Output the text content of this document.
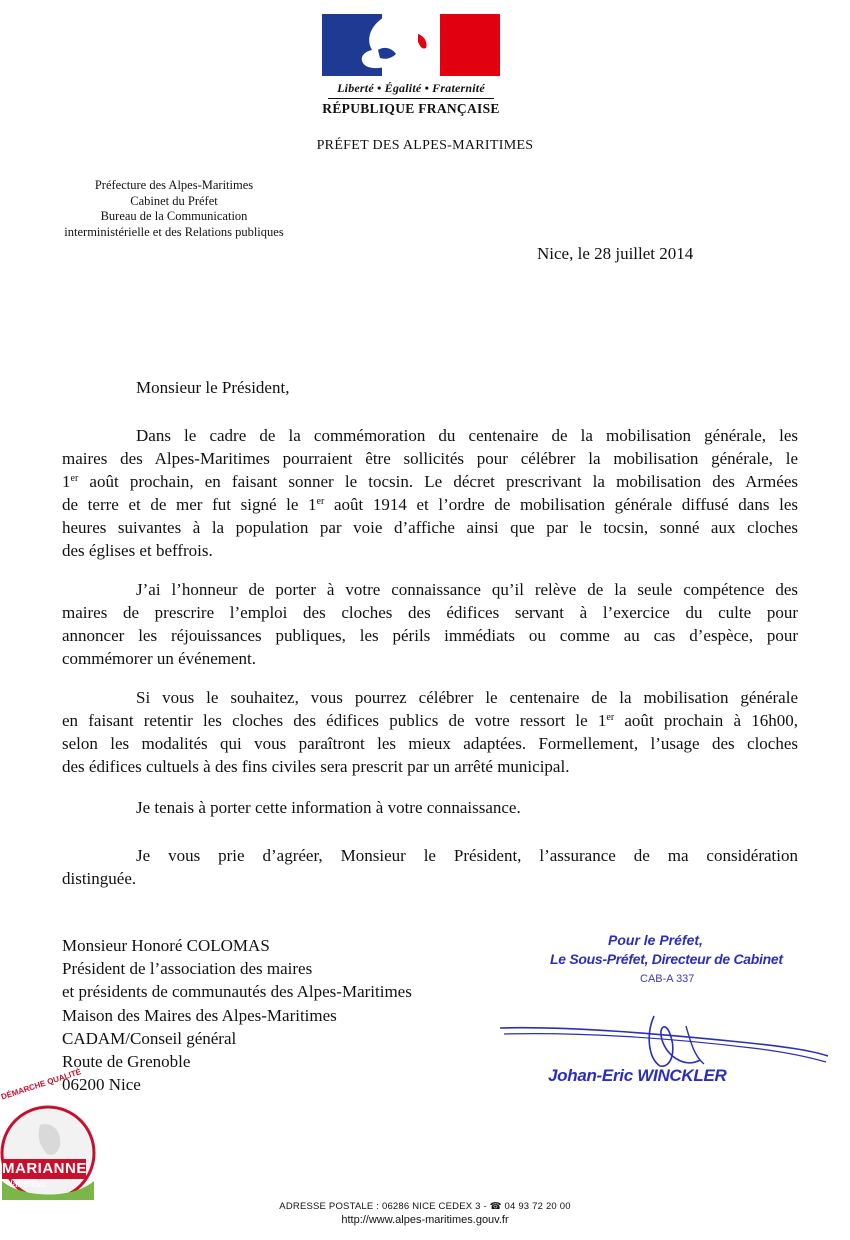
Liberté • Égalité • Fraternité
RÉPUBLIQUE FRANÇAISE
PRÉFET DES ALPES-MARITIMES
Préfecture des Alpes-Maritimes
Cabinet du Préfet
Bureau de la Communication
interministérielle et des Relations publiques
Nice, le 28 juillet 2014
Monsieur le Président,
Dans le cadre de la commémoration du centenaire de la mobilisation générale, les
maires des Alpes-Maritimes pourraient être sollicités pour célébrer la mobilisation générale, le
1er août prochain, en faisant sonner le tocsin. Le décret prescrivant la mobilisation des Armées
de terre et de mer fut signé le 1er août 1914 et l’ordre de mobilisation générale diffusé dans les
heures suivantes à la population par voie d’affiche ainsi que par le tocsin, sonné aux cloches
des églises et beffrois.
J’ai l’honneur de porter à votre connaissance qu’il relève de la seule compétence des
maires de prescrire l’emploi des cloches des édifices servant à l’exercice du culte pour
annoncer les réjouissances publiques, les périls immédiats ou comme au cas d’espèce, pour
commémorer un événement.
Si vous le souhaitez, vous pourrez célébrer le centenaire de la mobilisation générale
en faisant retentir les cloches des édifices publics de votre ressort le 1er août prochain à 16h00,
selon les modalités qui vous paraîtront les mieux adaptées. Formellement, l’usage des cloches
des édifices cultuels à des fins civiles sera prescrit par un arrêté municipal.
Je tenais à porter cette information à votre connaissance.
Je vous prie d’agréer, Monsieur le Président, l’assurance de ma considération
distinguée.
Monsieur Honoré COLOMAS
Président de l’association des maires
et présidents de communautés des Alpes-Maritimes
Maison des Maires des Alpes-Maritimes
CADAM/Conseil général
Route de Grenoble
06200 Nice
Pour le Préfet,
Le Sous-Préfet, Directeur de Cabinet
CAB-A 337
Johan-Eric WINCKLER
DÉMARCHE QUALITÉ
MARIANNE
labellisé
ADRESSE POSTALE : 06286 NICE CEDEX 3 - ☎ 04 93 72 20 00
http://www.alpes-maritimes.gouv.fr
